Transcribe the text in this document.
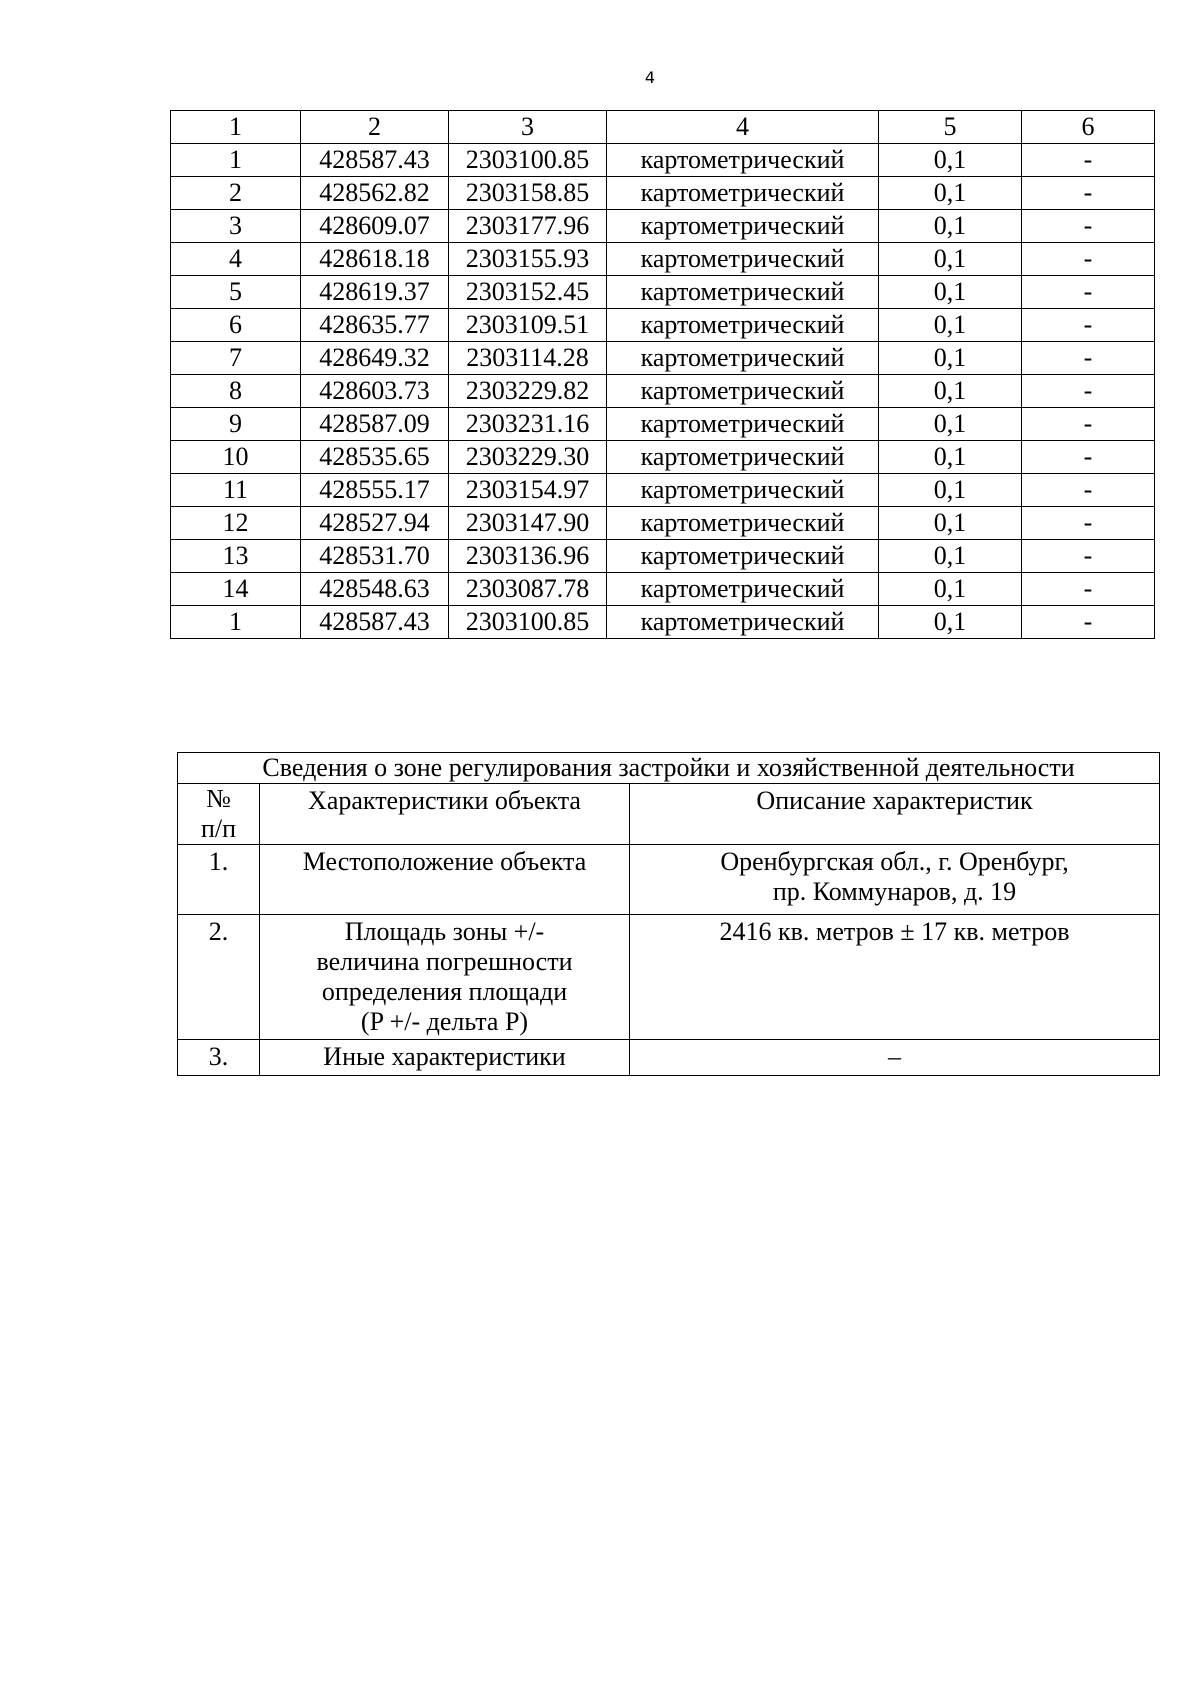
4
1	2	3	4	5	6
1	428587.43	2303100.85	картометрический	0,1	-
2	428562.82	2303158.85	картометрический	0,1	-
3	428609.07	2303177.96	картометрический	0,1	-
4	428618.18	2303155.93	картометрический	0,1	-
5	428619.37	2303152.45	картометрический	0,1	-
6	428635.77	2303109.51	картометрический	0,1	-
7	428649.32	2303114.28	картометрический	0,1	-
8	428603.73	2303229.82	картометрический	0,1	-
9	428587.09	2303231.16	картометрический	0,1	-
10	428535.65	2303229.30	картометрический	0,1	-
11	428555.17	2303154.97	картометрический	0,1	-
12	428527.94	2303147.90	картометрический	0,1	-
13	428531.70	2303136.96	картометрический	0,1	-
14	428548.63	2303087.78	картометрический	0,1	-
1	428587.43	2303100.85	картометрический	0,1	-
Сведения о зоне регулирования застройки и хозяйственной деятельности		
№
п/п	Характеристики объекта	Описание характеристик
1.	Местоположение объекта	Оренбургская обл., г. Оренбург,
пр. Коммунаров, д. 19
2.	Площадь зоны +/-
величина погрешности
определения площади
(P +/- дельта P)	2416 кв. метров ± 17 кв. метров
3.	Иные характеристики	–
